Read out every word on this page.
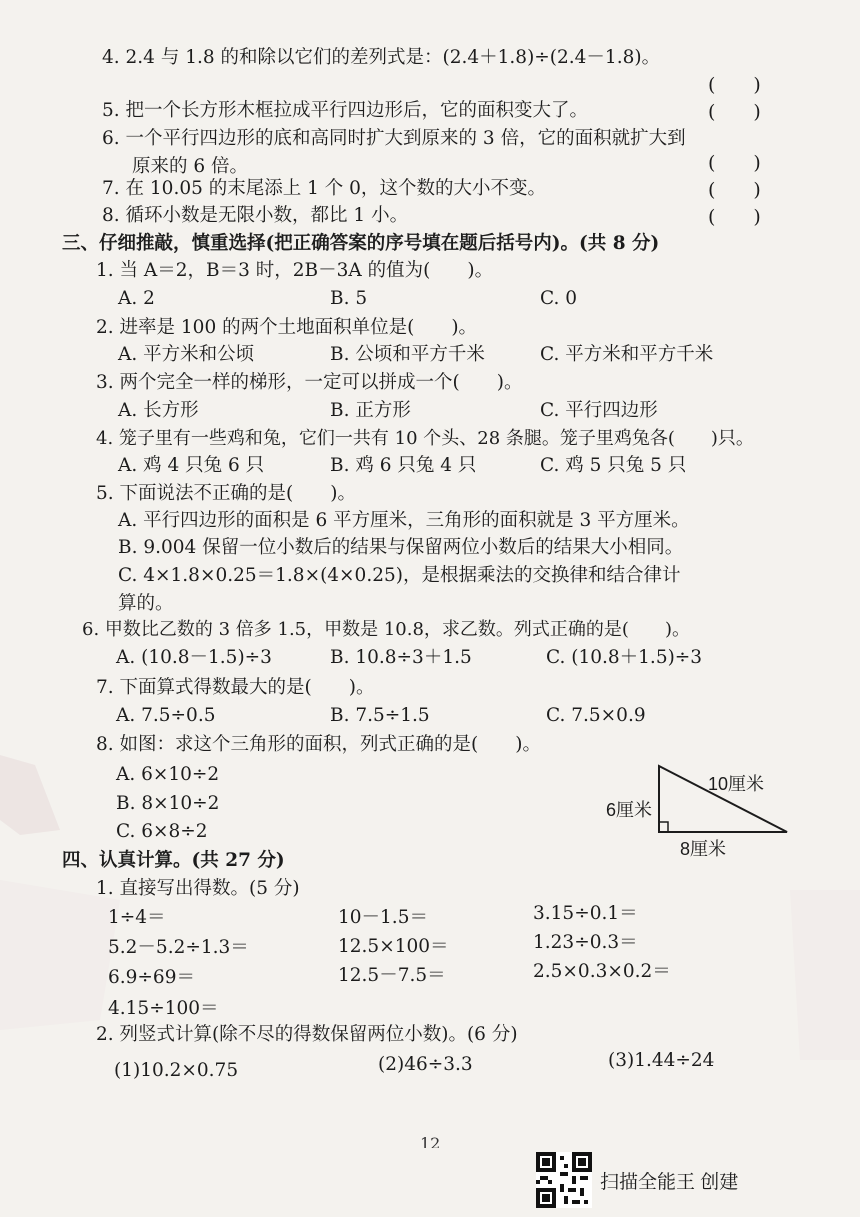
4. 2.4 与 1.8 的和除以它们的差列式是：(2.4＋1.8)÷(2.4－1.8)。
(　　)
5. 把一个长方形木框拉成平行四边形后，它的面积变大了。	(　　)
6. 一个平行四边形的底和高同时扩大到原来的 3 倍，它的面积就扩大到
原来的 6 倍。	(　　)
7. 在 10.05 的末尾添上 1 个 0，这个数的大小不变。	(　　)
8. 循环小数是无限小数，都比 1 小。	(　　)
三、仔细推敲，慎重选择(把正确答案的序号填在题后括号内)。(共 8 分)
1. 当 A＝2，B＝3 时，2B－3A 的值为(　　)。
A. 2	B. 5	C. 0
2. 进率是 100 的两个土地面积单位是(　　)。
A. 平方米和公顷	B. 公顷和平方千米	C. 平方米和平方千米
3. 两个完全一样的梯形，一定可以拼成一个(　　)。
A. 长方形	B. 正方形	C. 平行四边形
4. 笼子里有一些鸡和兔，它们一共有 10 个头、28 条腿。笼子里鸡兔各(　　)只。
A. 鸡 4 只兔 6 只	B. 鸡 6 只兔 4 只	C. 鸡 5 只兔 5 只
5. 下面说法不正确的是(　　)。
A. 平行四边形的面积是 6 平方厘米，三角形的面积就是 3 平方厘米。
B. 9.004 保留一位小数后的结果与保留两位小数后的结果大小相同。
C. 4×1.8×0.25＝1.8×(4×0.25)，是根据乘法的交换律和结合律计
算的。
6. 甲数比乙数的 3 倍多 1.5，甲数是 10.8，求乙数。列式正确的是(　　)。
A. (10.8－1.5)÷3	B. 10.8÷3＋1.5	C. (10.8＋1.5)÷3
7. 下面算式得数最大的是(　　)。
A. 7.5÷0.5	B. 7.5÷1.5	C. 7.5×0.9
8. 如图：求这个三角形的面积，列式正确的是(　　)。
A. 6×10÷2
B. 8×10÷2
C. 6×8÷2
10厘米
6厘米
8厘米
四、认真计算。(共 27 分)
1. 直接写出得数。(5 分)
1÷4＝	10－1.5＝	3.15÷0.1＝
5.2－5.2÷1.3＝	12.5×100＝	1.23÷0.3＝
6.9÷69＝	12.5－7.5＝	2.5×0.3×0.2＝
4.15÷100＝
2. 列竖式计算(除不尽的得数保留两位小数)。(6 分)
(1)10.2×0.75	(2)46÷3.3	(3)1.44÷24
12
扫描全能王 创建
